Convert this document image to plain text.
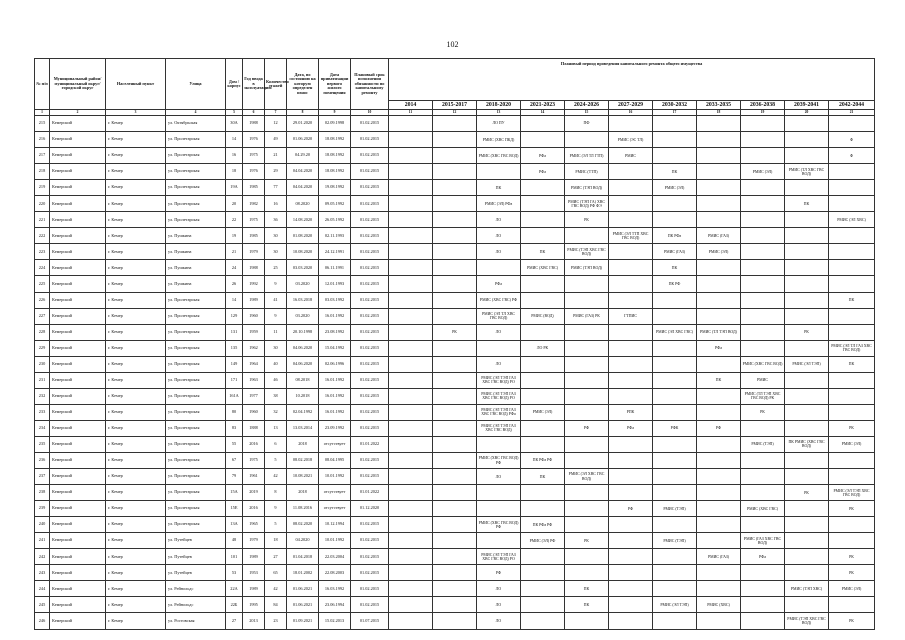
102
№ п/п	Муниципальный район/муниципальный округ/городской округ	Населенный пункт	Улица	Дом / корпус	Год ввода в эксплуатацию	Количество этажей	Дата, по состоянию на которую определен износ	Дата приватизации первого жилого помещения	Плановый срок исполнения обязанности по капитальному ремонту	Плановый период проведения капитального ремонта общего имущества										
										2014	2015-2017	2018-2020	2021-2023	2024-2026	2027-2029	2030-2032	2033-2035	2036-2038	2039-2041	2042-2044
1	2	3	4	5	6	7	8	9	10	11	12	13	14	15	16	17	18	19	20	21
215	Кемерский	г. Кемер	ул. Октябрьская	30А	1988	12	29.01.2020	02.09.1998	01.02.2015			ЛО ПУ		ПФ						
216	Кемерский	г. Кемер	ул. Пролетарская	14	1976	49	01.06.2020	18.08.1992	01.02.2015			РМИС (ХВС ПКД)			РМИС (ЭС ТЛ)					Ф
217	Кемерский	г. Кемер	ул. Пролетарская	16	1975	21	04.29.20	18.08.1992	01.02.2015			РМИС (ХВС ГВС ВОД)	РФа	РМИС (ЭЛ ТЛ ГТП)	РМИС					Ф
218	Кемерский	г. Кемер	ул. Пролетарская	18	1976	29	04.04.2020	18.08.1992	01.02.2015				РФа	РМИС (ТТП)		ПК		РМИС (ЭЛ)	РМИС (ТЛ ХВС ГВС ВОД)	
219	Кемерский	г. Кемер	ул. Пролетарская	19А	1985	77	04.04.2020	19.08.1992	01.02.2015			ПК		РМИС (ТЭП ВОД)		РМИС (ЭЛ)				
220	Кемерский	г. Кемер	ул. Пролетарская	20	1982	16	08.2020	09.05.1992	01.02.2015			РМИС (ЭЛ) РФа		РМИС (ТЭП ГА) ХВС ГВС ВОД) РФ ФЭ					ПК	
221	Кемерский	г. Кемер	ул. Пролетарская	22	1975	36	14.08.2020	26.05.1992	01.02.2015			ЛО		РК						РМИС (ЭЛ ХВС)
222	Кемерский	г. Кемер	ул. Пушкина	19	1985	30	01.08.2020	02.11.1993	01.02.2015			ЛО			РМИС (ЭЛ ТТП ХВС ГВС ВОД)	ПК РФа	РМИС (ГАЗ)			
223	Кемерский	г. Кемер	ул. Пушкина	21	1979	30	10.08.2020	24.12.1991	01.02.2015			ЛО	ПК	РМИС (ТЭП ХВС ГВС ВОД)		РМИС (ГАЗ)	РМИС (ЭЛ)			
224	Кемерский	г. Кемер	ул. Пушкина	24	1988	25	03.03.2020	06.11.1991	01.02.2015				РМИС (ХВС ГВС)	РМИС (ТЭП ВОД)		ПК				
225	Кемерский	г. Кемер	ул. Пушкина	26	1992	9	03.2020	12.01.1993	01.02.2015			РФа				ПК РФ				
226	Кемерский	г. Кемер	ул. Пролетарская	14	1989	41	16.03.2018	03.03.1992	01.02.2015			РМИС (ХВС ГВС) РФ								ПК
227	Кемерский	г. Кемер	ул. Пролетарская	129	1960	9	03.2020	16.01.1992	01.02.2015			РМИС (ЭЛ ТЛ ХВС ГВС ВОД)	РМИС (ВОД)	РМИС (ГАЗ) РК	ГТПИС					
228	Кемерский	г. Кемер	ул. Пролетарская	131	1959	11	20.10.1998	23.08.1992	01.02.2015		РК	ЛО				РМИС (ЭЛ ХВС ГВС)	РМИС (ТЛ ТЭП ВОД)		РК	
229	Кемерский	г. Кемер	ул. Пролетарская	135	1962	30	04.06.2020	15.04.1992	01.02.2015				ЛО РК				РФа			РМИС (ЭЛ ТЛ ГАЗ ХВС ГВС ВОД)
230	Кемерский	г. Кемер	ул. Пролетарская	149	1964	40	04.06.2020	02.06.1996	01.02.2015			ЛО						РМИС (ХВС ГВС ВОД)	РМИС (ЭЛ ТЭП)	ПК
231	Кемерский	г. Кемер	ул. Пролетарская	171	1963	46	08.2018	16.01.1992	01.02.2015			РМИС (ЭЛ ТЭП ГАЗ ХВС ГВС ВОД) РО					ПК	РМИС		
232	Кемерский	г. Кемер	ул. Пролетарская	161А	1977	38	10.2018	16.01.1992	01.02.2015			РМИС (ЭЛ ТЭП ГАЗ ХВС ГВС ВОД) РО						РМИС (ТЛ ТЭП ХВС ГВС ВОД) РК		
233	Кемерский	г. Кемер	ул. Пролетарская	80	1960	32	02.04.1992	16.01.1992	01.02.2015			РМИС (ЭЛ ТЭП ГАЗ ХВС ГВС ВОД) РФа	РМИС (ЭЛ)		РПК			РК		
234	Кемерский	г. Кемер	ул. Пролетарская	83	1888	13	13.03.2014	23.09.1992	01.02.2015			РМИС (ЭЛ ТЭП ГАЗ ХВС ГВС ВОД)		РФ	РФа	РФК	РФ			РК
235	Кемерский	г. Кемер	ул. Пролетарская	55	2016	6	2018	отсутствует	01.01.2022									РМИС (ТЭП)	ПК РМИС (ХВС ГВС ВОД)	РМИС (ЭЛ)
236	Кемерский	г. Кемер	ул. Пролетарская	67	1975	5	08.02.2018	08.04.1995	01.02.2015			РМИС (ХВС ГВС ВОД) РФ	ПК РФа РФ							
237	Кемерский	г. Кемер	ул. Пролетарская	79	1961	42	10.08.2021	10.01.1992	01.02.2015			ЛО	ПК	РМИС (ЭЛ ХВС ГВС ВОД)						
238	Кемерский	г. Кемер	ул. Пролетарская	15А	2019	8	2018	отсутствует	01.01.2022										РК	РМИС (ЭЛ ТЭП ХВС ГВС ВОД)
239	Кемерский	г. Кемер	ул. Пролетарская	15Е	2016	9	11.08.2016	отсутствует	01.12.2020						РФ	РМИС (ТЭП)		РМИС (ХВС ГВС)		РК
240	Кемерский	г. Кемер	ул. Пролетарская	13А	1965	5	08.02.2020	10.12.1994	01.02.2015			РМИС (ХВС ГВС ВОД) РФ	ПК РФа РФ							
241	Кемерский	г. Кемер	ул. Путейцев	48	1979	18	04.2020	10.01.1992	01.02.2015				РМИС (ЭЛ) РФ	РК		РМИС (ТЭП)		РМИС (ГАЗ ХВС ГВС ВОД)		
242	Кемерский	г. Кемер	ул. Путейцев	101	1989	27	01.04.2018	22.03.2004	01.02.2015			РМИС (ЭЛ ТЭП ГАЗ ХВС ГВС ВОД) РО					РМИС (ГАЗ)	РФа		РК
243	Кемерский	г. Кемер	ул. Путейцев	53	1953	65	18.01.2002	22.08.2003	01.02.2015			РФ								РК
244	Кемерский	г. Кемер	ул. Рейнольдс	22А	1989	42	01.06.2021	16.03.1992	01.02.2015			ЛО		ПК					РМИС (ТЭП ХВС)	РМИС (ЭЛ)
245	Кемерский	г. Кемер	ул. Рейнольдс	22Б	1995	84	01.06.2021	23.06.1994	01.02.2015			ЛО		ПК		РМИС (ЭЛ ТЭП)	РМИС (ХВС)			
246	Кемерский	г. Кемер	ул. Ростовская	27	2013	23	01.09.2021	15.02.2013	01.07.2015			ЛО							РМИС (ТЭП ХВС ГВС ВОД)	РК
